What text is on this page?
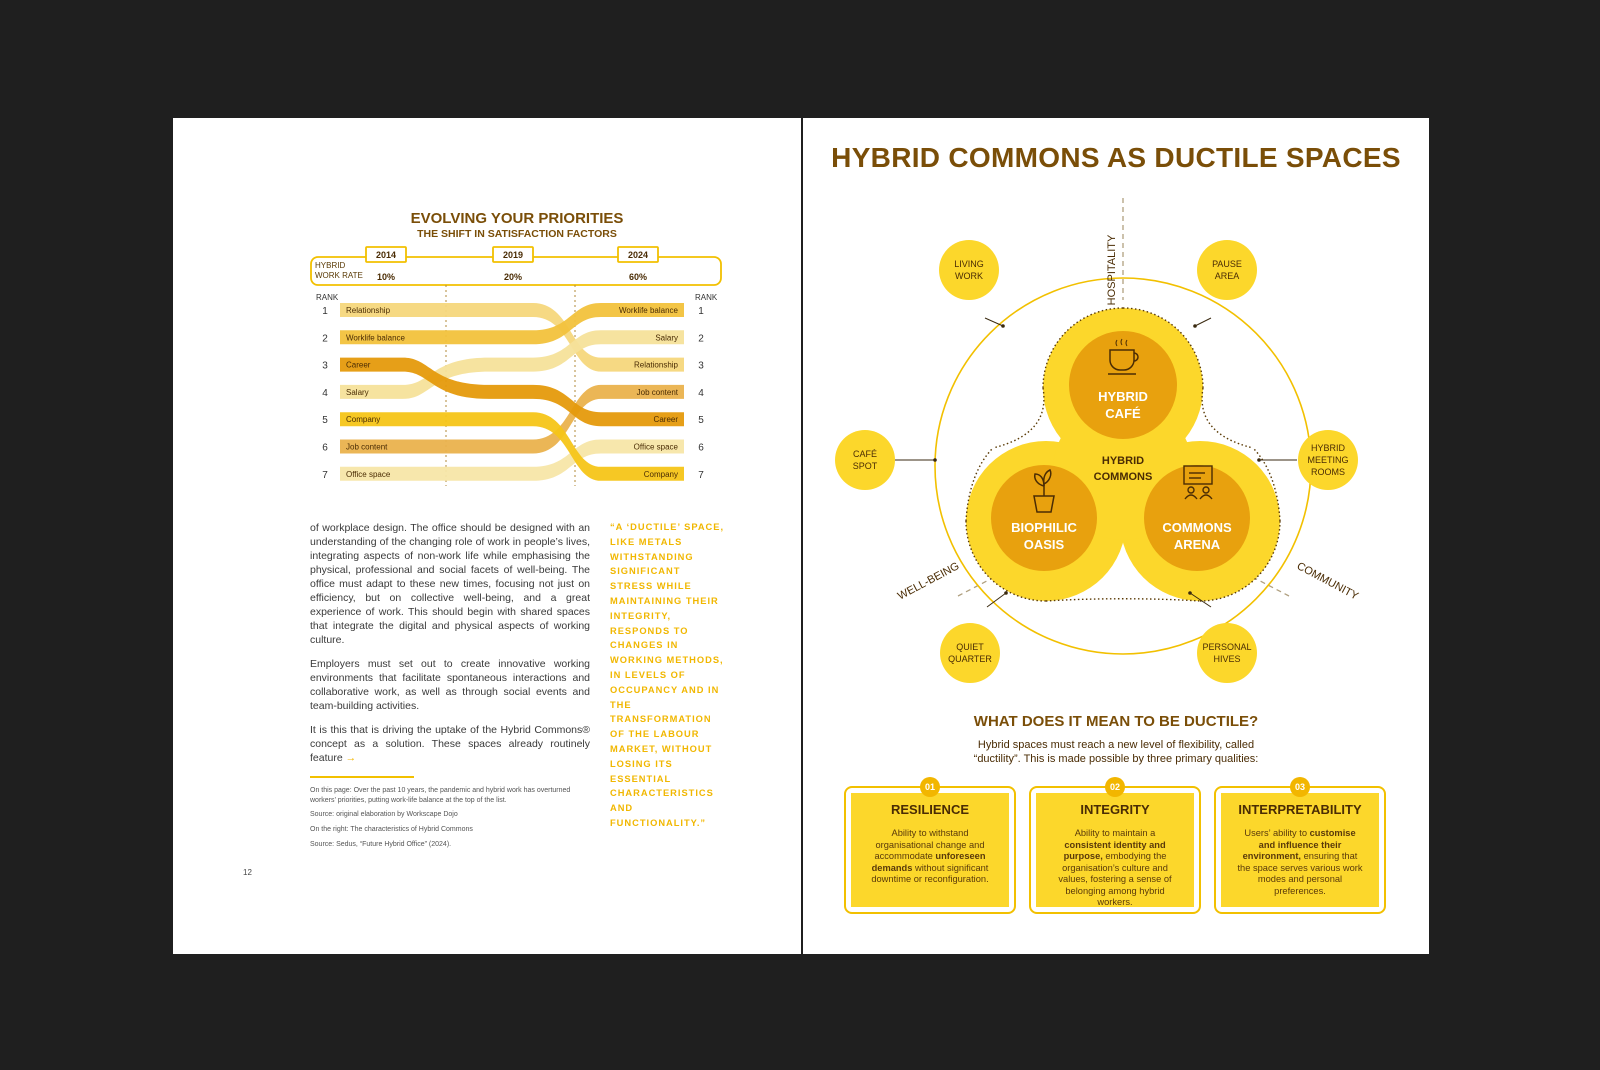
EVOLVING YOUR PRIORITIES
THE SHIFT IN SATISFACTION FACTORS
HYBRID
WORK RATE
2014
10%
2019
20%
2024
60%
RANK	RANK
1	1
Relationship	Worklife balance
2	2
Worklife balance	Salary
3	3
Career	Relationship
4	4
Salary	Job content
5	5
Company	Career
6	6
Job content	Office space
7	7
Office space	Company

of workplace design. The office should be designed with an understanding of the changing role of work in people’s lives, integrating aspects of non-work life while emphasising the physical, professional and social facets of well-being. The office must adapt to these new times, focusing not just on efficiency, but on collective well-being, and a great experience of work. This should begin with shared spaces that integrate the digital and physical aspects of working culture.

Employers must set out to create innovative working environments that facilitate spontaneous interactions and collaborative work, as well as through social events and team-building activities.

It is this that is driving the uptake of the Hybrid Commons® concept as a solution. These spaces already routinely feature →

“A ‘DUCTILE’ SPACE, LIKE METALS WITHSTANDING SIGNIFICANT STRESS WHILE MAINTAINING THEIR INTEGRITY, RESPONDS TO CHANGES IN WORKING METHODS, IN LEVELS OF OCCUPANCY AND IN THE TRANSFORMATION OF THE LABOUR MARKET, WITHOUT LOSING ITS ESSENTIAL CHARACTERISTICS AND FUNCTIONALITY.”
On this page: Over the past 10 years, the pandemic and hybrid work has overturned workers’ priorities, putting work-life balance at the top of the list.
Source: original elaboration by Workscape Dojo
On the right: The characteristics of Hybrid Commons
Source: Sedus, “Future Hybrid Office” (2024).
12
HYBRID COMMONS AS DUCTILE SPACES
HYBRID
CAFÉ
BIOPHILIC
OASIS
COMMONS
ARENA
HYBRID
COMMONS
HOSPITALITY
WELL-BEING	COMMUNITY
LIVING
WORK
PAUSE
AREA
CAFÉ
SPOT
HYBRID
MEETING
ROOMS
QUIET
QUARTER
PERSONAL
HIVES
WHAT DOES IT MEAN TO BE DUCTILE?
Hybrid spaces must reach a new level of flexibility, called
“ductility”. This is made possible by three primary qualities:
01
RESILIENCE
Ability to withstand organisational change and accommodate unforeseen demands without significant downtime or reconfiguration.
02
INTEGRITY
Ability to maintain a consistent identity and purpose, embodying the organisation’s culture and values, fostering a sense of belonging among hybrid workers.
03
INTERPRETABILITY
Users’ ability to customise and influence their environment, ensuring that the space serves various work modes and personal preferences.
